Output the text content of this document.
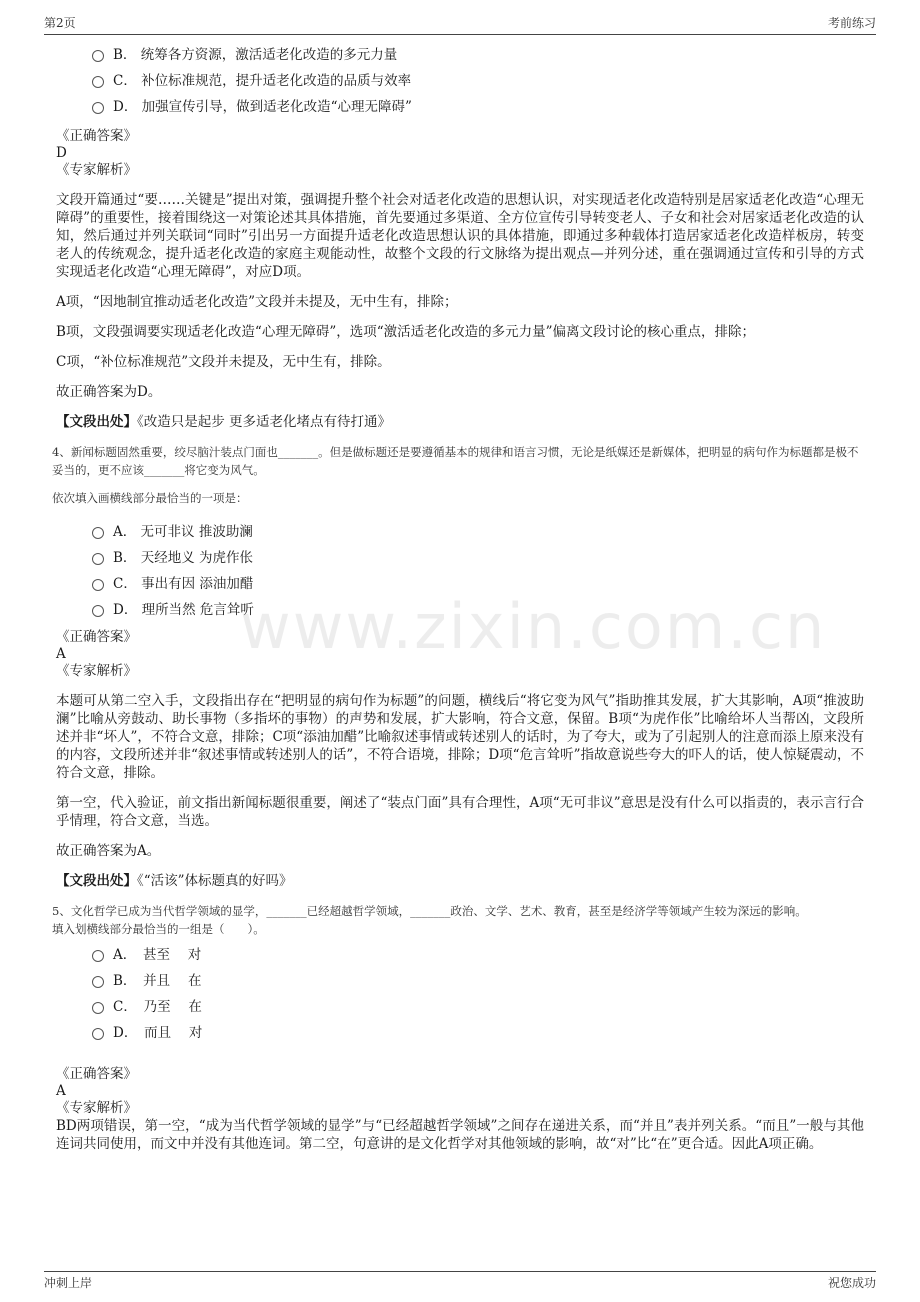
第2页	考前练习
www.zixin.com.cn
B． 统筹各方资源，激活适老化改造的多元力量
C． 补位标准规范，提升适老化改造的品质与效率
D． 加强宣传引导，做到适老化改造“心理无障碍”
《正确答案》
D
《专家解析》
文段开篇通过“要……关键是”提出对策，强调提升整个社会对适老化改造的思想认识，对实现适老化改造特别是居家适老化改造“心理无障碍”的重要性，接着围绕这一对策论述其具体措施，首先要通过多渠道、全方位宣传引导转变老人、子女和社会对居家适老化改造的认知，然后通过并列关联词“同时”引出另一方面提升适老化改造思想认识的具体措施，即通过多种载体打造居家适老化改造样板房，转变老人的传统观念，提升适老化改造的家庭主观能动性，故整个文段的行文脉络为提出观点—并列分述，重在强调通过宣传和引导的方式实现适老化改造“心理无障碍”，对应D项。
A项，“因地制宜推动适老化改造”文段并未提及，无中生有，排除；
B项，文段强调要实现适老化改造“心理无障碍”，选项“激活适老化改造的多元力量”偏离文段讨论的核心重点，排除；
C项，“补位标准规范”文段并未提及，无中生有，排除。
故正确答案为D。
【文段出处】《改造只是起步 更多适老化堵点有待打通》
4、新闻标题固然重要，绞尽脑汁装点门面也_______。但是做标题还是要遵循基本的规律和语言习惯，无论是纸媒还是新媒体，把明显的病句作为标题都是极不妥当的，更不应该_______将它变为风气。
依次填入画横线部分最恰当的一项是：
A． 无可非议 推波助澜
B． 天经地义 为虎作伥
C． 事出有因 添油加醋
D． 理所当然 危言耸听
《正确答案》
A
《专家解析》
本题可从第二空入手，文段指出存在“把明显的病句作为标题”的问题，横线后“将它变为风气”指助推其发展，扩大其影响，A项“推波助澜”比喻从旁鼓动、助长事物（多指坏的事物）的声势和发展，扩大影响，符合文意，保留。B项“为虎作伥”比喻给坏人当帮凶，文段所述并非“坏人”，不符合文意，排除；C项“添油加醋”比喻叙述事情或转述别人的话时，为了夸大，或为了引起别人的注意而添上原来没有的内容，文段所述并非“叙述事情或转述别人的话”，不符合语境，排除；D项“危言耸听”指故意说些夸大的吓人的话，使人惊疑震动，不符合文意，排除。
第一空，代入验证，前文指出新闻标题很重要，阐述了“装点门面”具有合理性，A项“无可非议”意思是没有什么可以指责的，表示言行合乎情理，符合文意，当选。
故正确答案为A。
【文段出处】《“活该”体标题真的好吗》
5、文化哲学已成为当代哲学领域的显学，_______已经超越哲学领域，_______政治、文学、艺术、教育，甚至是经济学等领域产生较为深远的影响。
填入划横线部分最恰当的一组是（　　）。
A．　甚至　 对
B．　并且　 在
C．　乃至　 在
D．　而且　 对
《正确答案》
A
《专家解析》
BD两项错误，第一空，“成为当代哲学领域的显学”与“已经超越哲学领域”之间存在递进关系，而“并且”表并列关系。“而且”一般与其他连词共同使用，而文中并没有其他连词。第二空，句意讲的是文化哲学对其他领域的影响，故“对”比“在”更合适。因此A项正确。
冲刺上岸	祝您成功
